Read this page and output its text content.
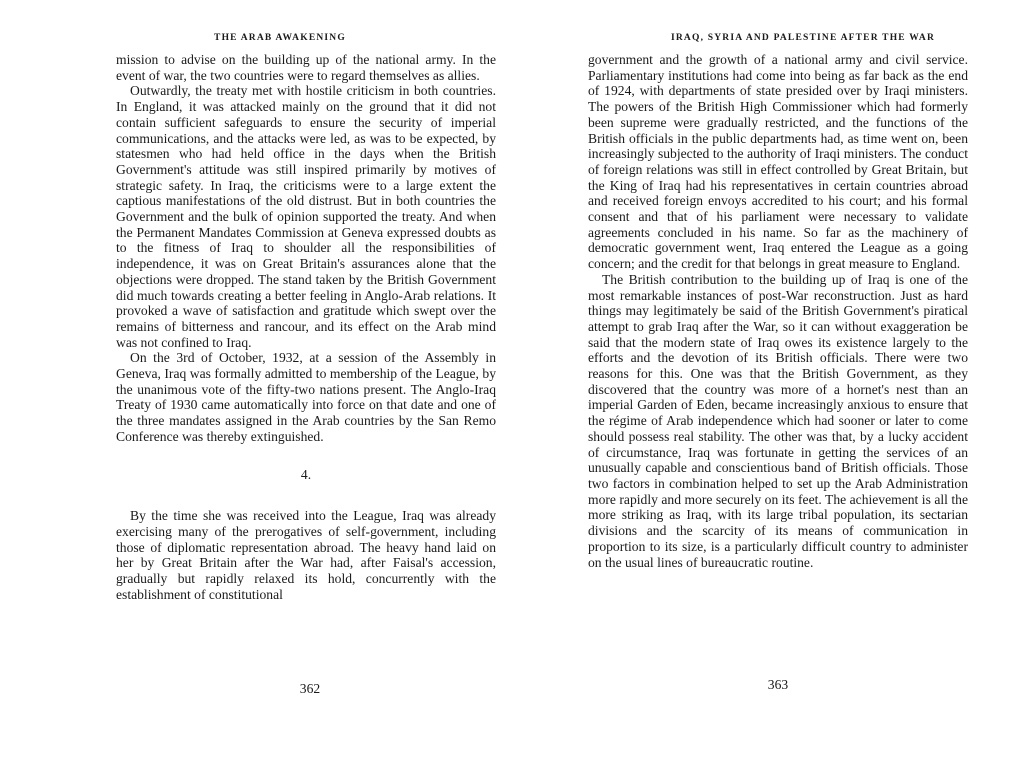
THE ARAB AWAKENING

mission to advise on the building up of the national army. In the event of war, the two countries were to regard themselves as allies.

Outwardly, the treaty met with hostile criticism in both countries. In England, it was attacked mainly on the ground that it did not contain sufficient safeguards to ensure the security of imperial communications, and the attacks were led, as was to be expected, by statesmen who had held office in the days when the British Government's attitude was still inspired primarily by motives of strategic safety. In Iraq, the criticisms were to a large extent the captious manifestations of the old distrust. But in both countries the Government and the bulk of opinion supported the treaty. And when the Permanent Mandates Commission at Geneva expressed doubts as to the fitness of Iraq to shoulder all the responsibilities of independence, it was on Great Britain's assurances alone that the objections were dropped. The stand taken by the British Government did much towards creating a better feeling in Anglo-Arab relations. It provoked a wave of satisfaction and gratitude which swept over the remains of bitterness and rancour, and its effect on the Arab mind was not confined to Iraq.

On the 3rd of October, 1932, at a session of the Assembly in Geneva, Iraq was formally admitted to membership of the League, by the unanimous vote of the fifty-two nations present. The Anglo-Iraq Treaty of 1930 came automatically into force on that date and one of the three mandates assigned in the Arab countries by the San Remo Conference was thereby extinguished.

4.

By the time she was received into the League, Iraq was already exercising many of the prerogatives of self-government, including those of diplomatic representation abroad. The heavy hand laid on her by Great Britain after the War had, after Faisal's accession, gradually but rapidly relaxed its hold, concurrently with the establishment of constitutional

362
IRAQ, SYRIA AND PALESTINE AFTER THE WAR

government and the growth of a national army and civil service. Parliamentary institutions had come into being as far back as the end of 1924, with departments of state presided over by Iraqi ministers. The powers of the British High Commissioner which had formerly been supreme were gradually restricted, and the functions of the British officials in the public departments had, as time went on, been increasingly subjected to the authority of Iraqi ministers. The conduct of foreign relations was still in effect controlled by Great Britain, but the King of Iraq had his representatives in certain countries abroad and received foreign envoys accredited to his court; and his formal consent and that of his parliament were necessary to validate agreements concluded in his name. So far as the machinery of democratic government went, Iraq entered the League as a going concern; and the credit for that belongs in great measure to England.

The British contribution to the building up of Iraq is one of the most remarkable instances of post-War reconstruction. Just as hard things may legitimately be said of the British Government's piratical attempt to grab Iraq after the War, so it can without exaggeration be said that the modern state of Iraq owes its existence largely to the efforts and the devotion of its British officials. There were two reasons for this. One was that the British Government, as they discovered that the country was more of a hornet's nest than an imperial Garden of Eden, became increasingly anxious to ensure that the régime of Arab independence which had sooner or later to come should possess real stability. The other was that, by a lucky accident of circumstance, Iraq was fortunate in getting the services of an unusually capable and conscientious band of British officials. Those two factors in combination helped to set up the Arab Administration more rapidly and more securely on its feet. The achievement is all the more striking as Iraq, with its large tribal population, its sectarian divisions and the scarcity of its means of communication in proportion to its size, is a particularly difficult country to administer on the usual lines of bureaucratic routine.

363
